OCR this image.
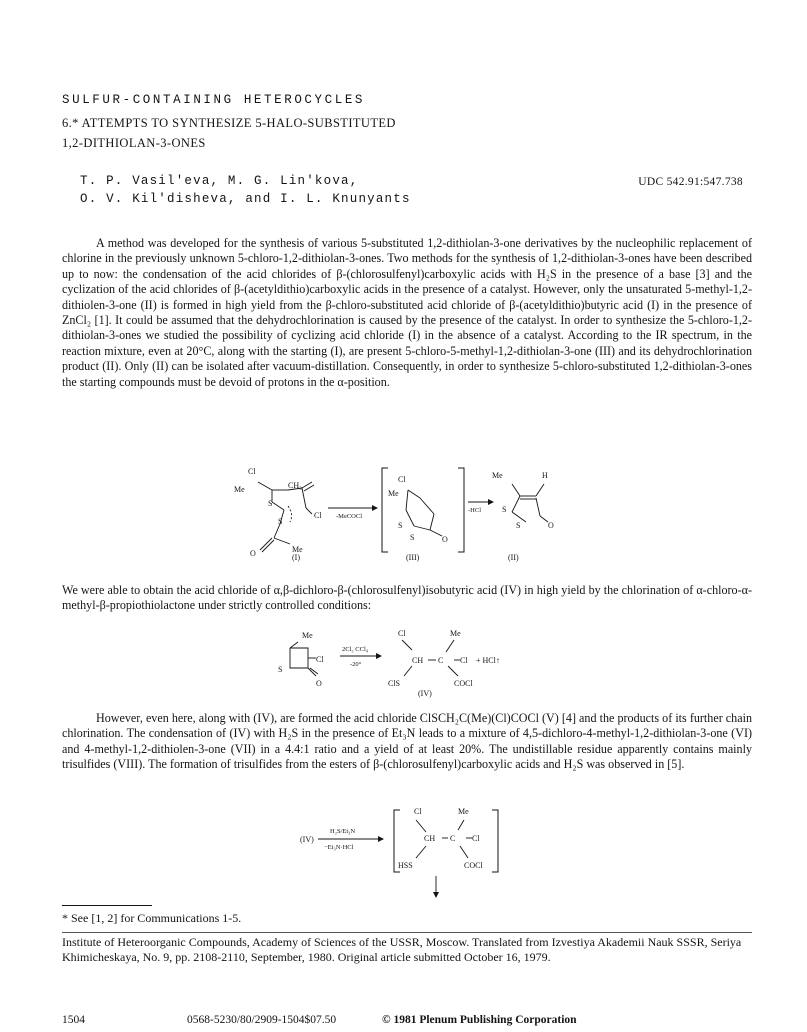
SULFUR-CONTAINING HETEROCYCLES
6.* ATTEMPTS TO SYNTHESIZE 5-HALO-SUBSTITUTED
1,2-DITHIOLAN-3-ONES
T. P. Vasil'eva, M. G. Lin'kova,
O. V. Kil'disheva, and I. L. Knunyants
UDC 542.91:547.738

A method was developed for the synthesis of various 5-substituted 1,2-dithiolan-3-one derivatives by the nucleophilic replacement of chlorine in the previously unknown 5-chloro-1,2-dithiolan-3-ones. Two methods for the synthesis of 1,2-dithiolan-3-ones have been described up to now: the condensation of the acid chlorides of β-(chlorosulfenyl)carboxylic acids with H₂S in the presence of a base [3] and the cyclization of the acid chlorides of β-(acetyldithio)carboxylic acids in the presence of a catalyst. However, only the unsaturated 5-methyl-1,2-dithiolen-3-one (II) is formed in high yield from the β-chloro-substituted acid chloride of β-(acetyldithio)butyric acid (I) in the presence of ZnCl₂ [1]. It could be assumed that the dehydrochlorination is caused by the presence of the catalyst. In order to synthesize the 5-chloro-1,2-dithiolan-3-ones we studied the possibility of cyclizing acid chloride (I) in the absence of a catalyst. According to the IR spectrum, in the reaction mixture, even at 20°C, along with the starting (I), are present 5-chloro-5-methyl-1,2-dithiolan-3-one (III) and its dehydrochlorination product (II). Only (II) can be isolated after vacuum-distillation. Consequently, in order to synthesize 5-chloro-substituted 1,2-dithiolan-3-ones the starting compounds must be devoid of protons in the α-position.

Cl
Me	CH₂
S
S
Cl
O	Me
-MeCOCl
Cl
Me
S
S	O
-HCl
Me	H
S
S	O
(I)	(III)	(II)

We were able to obtain the acid chloride of α,β-dichloro-β-(chlorosulfenyl)isobutyric acid (IV) in high yield by the chlorination of α-chloro-α-methyl-β-propiothiolactone under strictly controlled conditions:

Me
Cl
S
O
2Cl₂ CCl₄
-20°
Cl	Me
CH C Cl
ClS	COCl
+ HCl↑
(IV)

However, even here, along with (IV), are formed the acid chloride ClSCH₂C(Me)(Cl)COCl (V) [4] and the products of its further chain chlorination. The condensation of (IV) with H₂S in the presence of Et₃N leads to a mixture of 4,5-dichloro-4-methyl-1,2-dithiolan-3-one (VI) and 4-methyl-1,2-dithiolen-3-one (VII) in a 4.4:1 ratio and a yield of at least 20%. The undistillable residue apparently contains mainly trisulfides (VIII). The formation of trisulfides from the esters of β-(chlorosulfenyl)carboxylic acids and H₂S was observed in [5].

(IV)
H₂S/Et₃N
−Et₃N·HCl
Cl	Me
CH C Cl
HSS	COCl
* See [1, 2] for Communications 1-5.
Institute of Heteroorganic Compounds, Academy of Sciences of the USSR, Moscow. Translated from Izvestiya Akademii Nauk SSSR, Seriya Khimicheskaya, No. 9, pp. 2108-2110, September, 1980. Original article submitted October 16, 1979.
1504	0568-5230/80/2909-1504$07.50	© 1981 Plenum Publishing Corporation
